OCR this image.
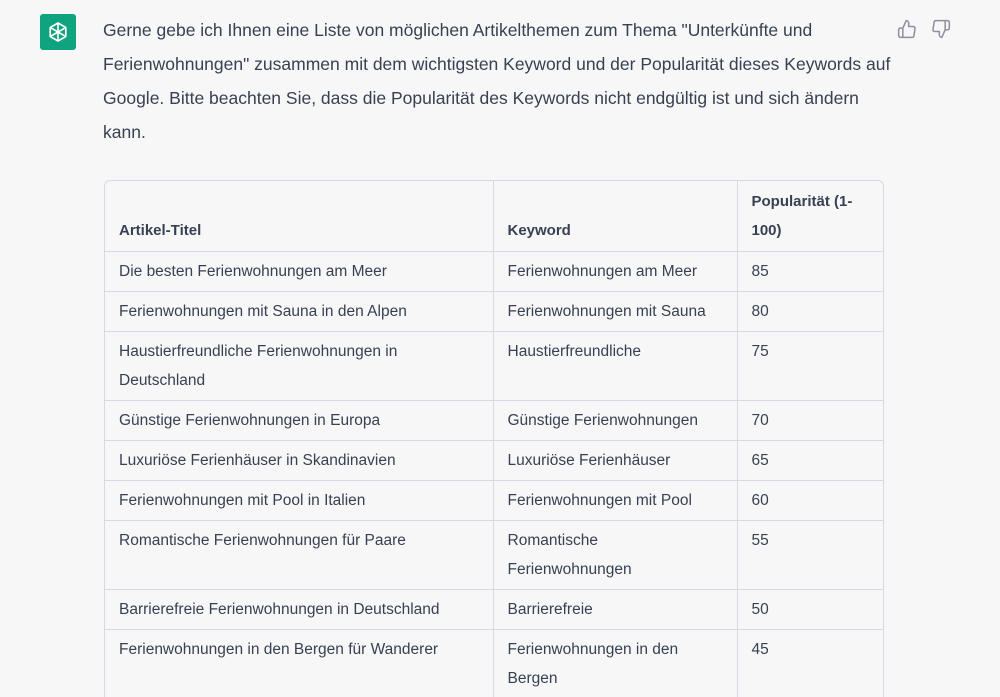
Gerne gebe ich Ihnen eine Liste von möglichen Artikelthemen zum Thema "Unterkünfte und Ferienwohnungen" zusammen mit dem wichtigsten Keyword und der Popularität dieses Keywords auf Google. Bitte beachten Sie, dass die Popularität des Keywords nicht endgültig ist und sich ändern kann.
Artikel-Titel	Keyword	Popularität (1-100)
Die besten Ferienwohnungen am Meer	Ferienwohnungen am Meer	85
Ferienwohnungen mit Sauna in den Alpen	Ferienwohnungen mit Sauna	80
Haustierfreundliche Ferienwohnungen in Deutschland	Haustierfreundliche	75
Günstige Ferienwohnungen in Europa	Günstige Ferienwohnungen	70
Luxuriöse Ferienhäuser in Skandinavien	Luxuriöse Ferienhäuser	65
Ferienwohnungen mit Pool in Italien	Ferienwohnungen mit Pool	60
Romantische Ferienwohnungen für Paare	Romantische Ferienwohnungen	55
Barrierefreie Ferienwohnungen in Deutschland	Barrierefreie	50
Ferienwohnungen in den Bergen für Wanderer	Ferienwohnungen in den Bergen	45
